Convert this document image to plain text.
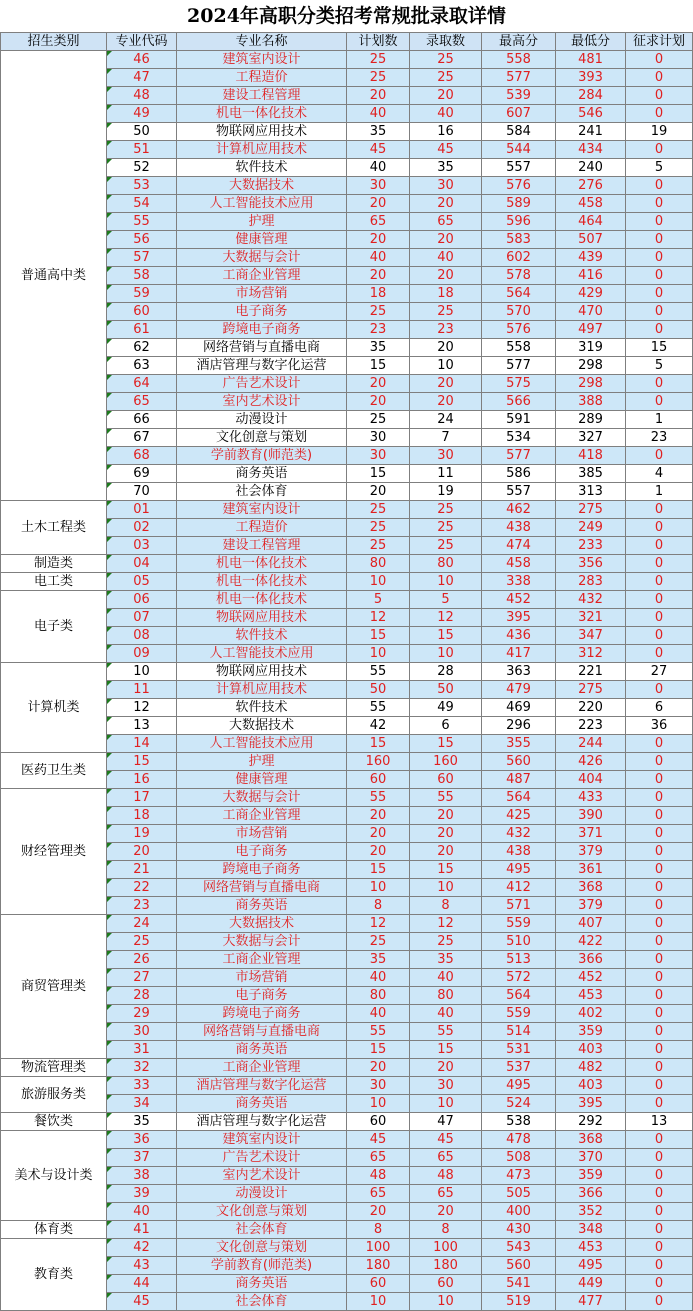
2024年高职分类招考常规批录取详情
招生类别	专业代码	专业名称	计划数	录取数	最高分	最低分	征求计划
普通高中类	46	建筑室内设计	25	25	558	481	0
	47	工程造价	25	25	577	393	0
	48	建设工程管理	20	20	539	284	0
	49	机电一体化技术	40	40	607	546	0
	50	物联网应用技术	35	16	584	241	19
	51	计算机应用技术	45	45	544	434	0
	52	软件技术	40	35	557	240	5
	53	大数据技术	30	30	576	276	0
	54	人工智能技术应用	20	20	589	458	0
	55	护理	65	65	596	464	0
	56	健康管理	20	20	583	507	0
	57	大数据与会计	40	40	602	439	0
	58	工商企业管理	20	20	578	416	0
	59	市场营销	18	18	564	429	0
	60	电子商务	25	25	570	470	0
	61	跨境电子商务	23	23	576	497	0
	62	网络营销与直播电商	35	20	558	319	15
	63	酒店管理与数字化运营	15	10	577	298	5
	64	广告艺术设计	20	20	575	298	0
	65	室内艺术设计	20	20	566	388	0
	66	动漫设计	25	24	591	289	1
	67	文化创意与策划	30	7	534	327	23
	68	学前教育(师范类)	30	30	577	418	0
	69	商务英语	15	11	586	385	4
	70	社会体育	20	19	557	313	1
土木工程类	01	建筑室内设计	25	25	462	275	0
	02	工程造价	25	25	438	249	0
	03	建设工程管理	25	25	474	233	0
制造类	04	机电一体化技术	80	80	458	356	0
电工类	05	机电一体化技术	10	10	338	283	0
电子类	06	机电一体化技术	5	5	452	432	0
	07	物联网应用技术	12	12	395	321	0
	08	软件技术	15	15	436	347	0
	09	人工智能技术应用	10	10	417	312	0
计算机类	10	物联网应用技术	55	28	363	221	27
	11	计算机应用技术	50	50	479	275	0
	12	软件技术	55	49	469	220	6
	13	大数据技术	42	6	296	223	36
	14	人工智能技术应用	15	15	355	244	0
医药卫生类	15	护理	160	160	560	426	0
	16	健康管理	60	60	487	404	0
财经管理类	17	大数据与会计	55	55	564	433	0
	18	工商企业管理	20	20	425	390	0
	19	市场营销	20	20	432	371	0
	20	电子商务	20	20	438	379	0
	21	跨境电子商务	15	15	495	361	0
	22	网络营销与直播电商	10	10	412	368	0
	23	商务英语	8	8	571	379	0
商贸管理类	24	大数据技术	12	12	559	407	0
	25	大数据与会计	25	25	510	422	0
	26	工商企业管理	35	35	513	366	0
	27	市场营销	40	40	572	452	0
	28	电子商务	80	80	564	453	0
	29	跨境电子商务	40	40	559	402	0
	30	网络营销与直播电商	55	55	514	359	0
	31	商务英语	15	15	531	403	0
物流管理类	32	工商企业管理	20	20	537	482	0
旅游服务类	33	酒店管理与数字化运营	30	30	495	403	0
	34	商务英语	10	10	524	395	0
餐饮类	35	酒店管理与数字化运营	60	47	538	292	13
美术与设计类	36	建筑室内设计	45	45	478	368	0
	37	广告艺术设计	65	65	508	370	0
	38	室内艺术设计	48	48	473	359	0
	39	动漫设计	65	65	505	366	0
	40	文化创意与策划	20	20	400	352	0
体育类	41	社会体育	8	8	430	348	0
教育类	42	文化创意与策划	100	100	543	453	0
	43	学前教育(师范类)	180	180	560	495	0
	44	商务英语	60	60	541	449	0
	45	社会体育	10	10	519	477	0
